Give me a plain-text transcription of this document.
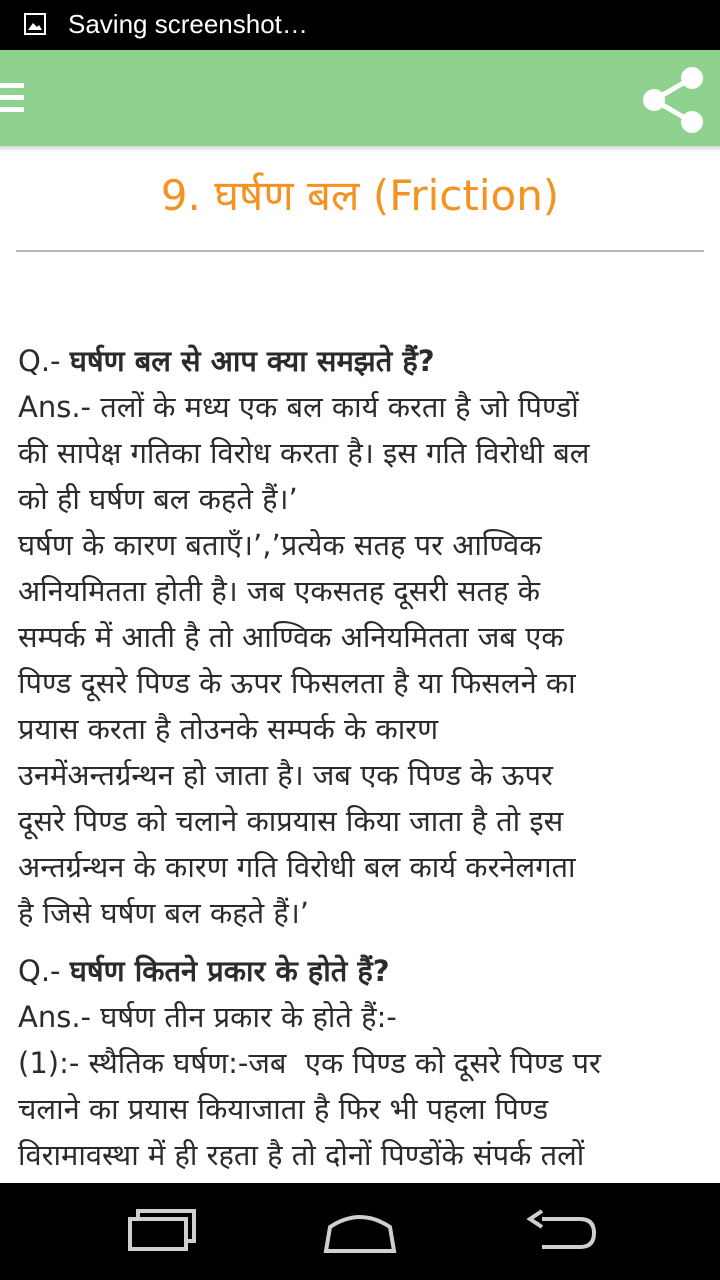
Saving screenshot…
9. घर्षण बल (Friction)

Q.- घर्षण बल से आप क्या समझते हैं?

Ans.- तलों के मध्य एक बल कार्य करता है जो पिण्डों

की सापेक्ष गतिका विरोध करता है। इस गति विरोधी बल

को ही घर्षण बल कहते हैं।’

घर्षण के कारण बताएँ।’,’प्रत्येक सतह पर आण्विक

अनियमितता होती है। जब एकसतह दूसरी सतह के

सम्पर्क में आती है तो आण्विक अनियमितता जब एक

पिण्ड दूसरे पिण्ड के ऊपर फिसलता है या फिसलने का

प्रयास करता है तोउनके सम्पर्क के कारण

उनमेंअन्तर्ग्रन्थन हो जाता है। जब एक पिण्ड के ऊपर

दूसरे पिण्ड को चलाने काप्रयास किया जाता है तो इस

अन्तर्ग्रन्थन के कारण गति विरोधी बल कार्य करनेलगता

है जिसे घर्षण बल कहते हैं।’

Q.- घर्षण कितने प्रकार के होते हैं?

Ans.- घर्षण तीन प्रकार के होते हैं:-

(1):- स्थैतिक घर्षण:-जब  एक पिण्ड को दूसरे पिण्ड पर

चलाने का प्रयास कियाजाता है फिर भी पहला पिण्ड

विरामावस्था में ही रहता है तो दोनों पिण्डोंके संपर्क तलों
